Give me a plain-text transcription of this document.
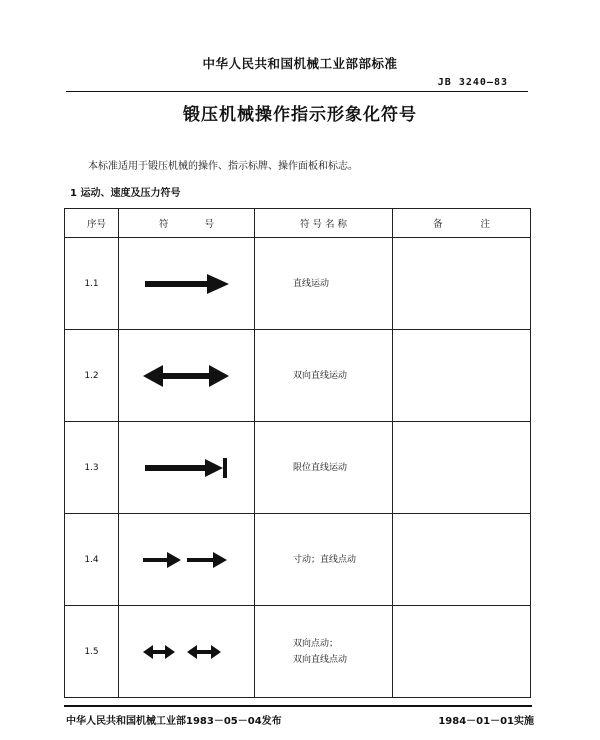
中华人民共和国机械工业部部标准
JB 3240—83
锻压机械操作指示形象化符号
本标准适用于锻压机械的操作、指示标牌、操作面板和标志。
1 运动、速度及压力符号
序 号	符 号	符 号 名 称	备 注

1.1		直线运动	

1.2		双向直线运动	

1.3		限位直线运动	

1.4		寸动；直线点动	

1.5		双向点动；
双向直线点动	

中华人民共和国机械工业部1983－05－04发布	1984－01－01实施
